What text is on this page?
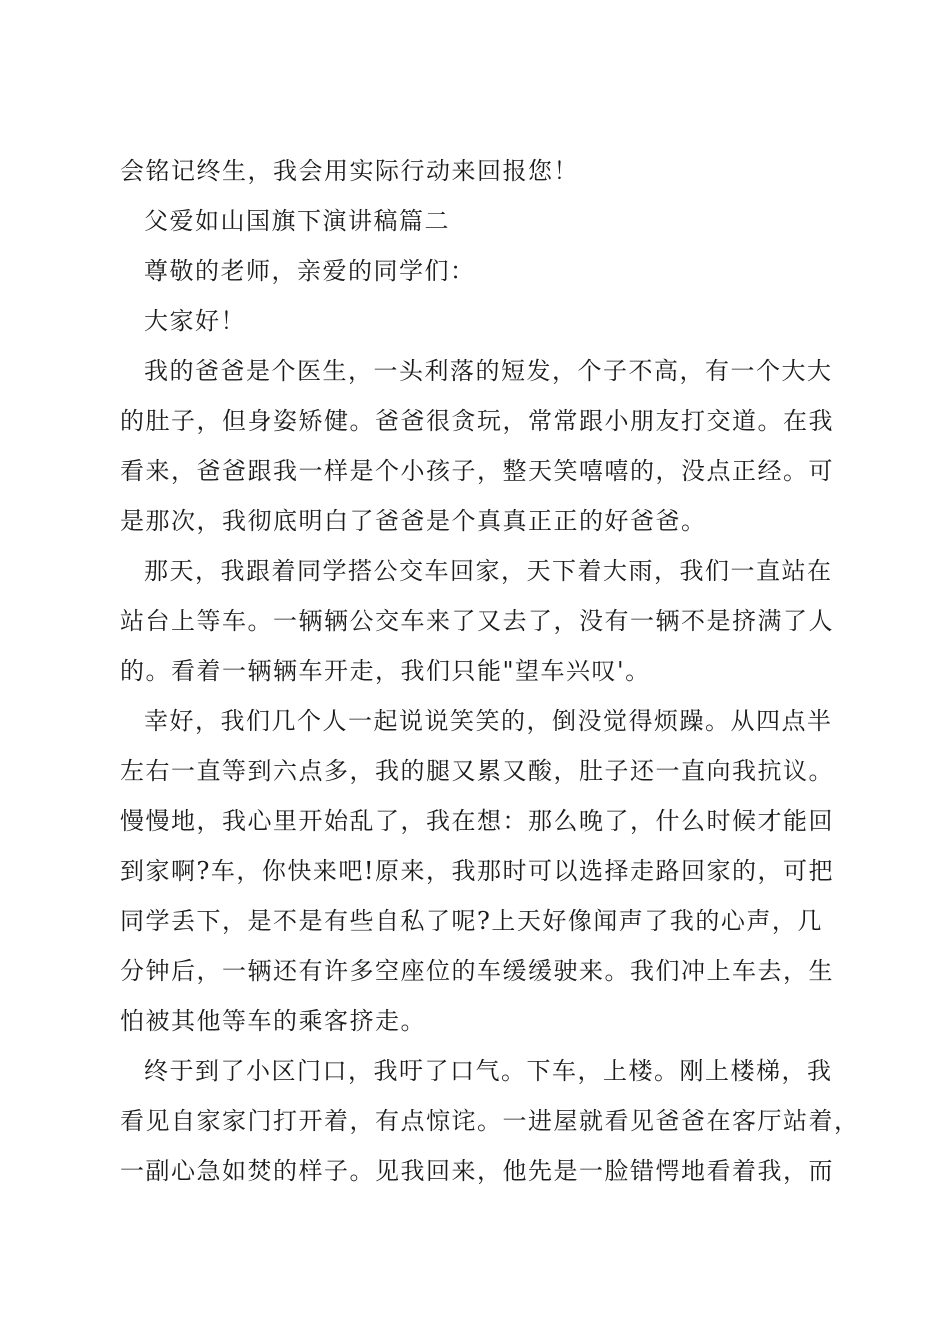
会铭记终生，我会用实际行动来回报您！
父爱如山国旗下演讲稿篇二
尊敬的老师，亲爱的同学们：
大家好！
我的爸爸是个医生，一头利落的短发，个子不高，有一个大大
的肚子，但身姿矫健。爸爸很贪玩，常常跟小朋友打交道。在我
看来，爸爸跟我一样是个小孩子，整天笑嘻嘻的，没点正经。可
是那次，我彻底明白了爸爸是个真真正正的好爸爸。
那天，我跟着同学搭公交车回家，天下着大雨，我们一直站在
站台上等车。一辆辆公交车来了又去了，没有一辆不是挤满了人
的。看着一辆辆车开走，我们只能"望车兴叹'。
幸好，我们几个人一起说说笑笑的，倒没觉得烦躁。从四点半
左右一直等到六点多，我的腿又累又酸，肚子还一直向我抗议。
慢慢地，我心里开始乱了，我在想：那么晚了，什么时候才能回
到家啊?车，你快来吧!原来，我那时可以选择走路回家的，可把
同学丢下，是不是有些自私了呢?上天好像闻声了我的心声，几
分钟后，一辆还有许多空座位的车缓缓驶来。我们冲上车去，生
怕被其他等车的乘客挤走。
终于到了小区门口，我吁了口气。下车，上楼。刚上楼梯，我
看见自家家门打开着，有点惊诧。一进屋就看见爸爸在客厅站着，
一副心急如焚的样子。见我回来，他先是一脸错愕地看着我，而
